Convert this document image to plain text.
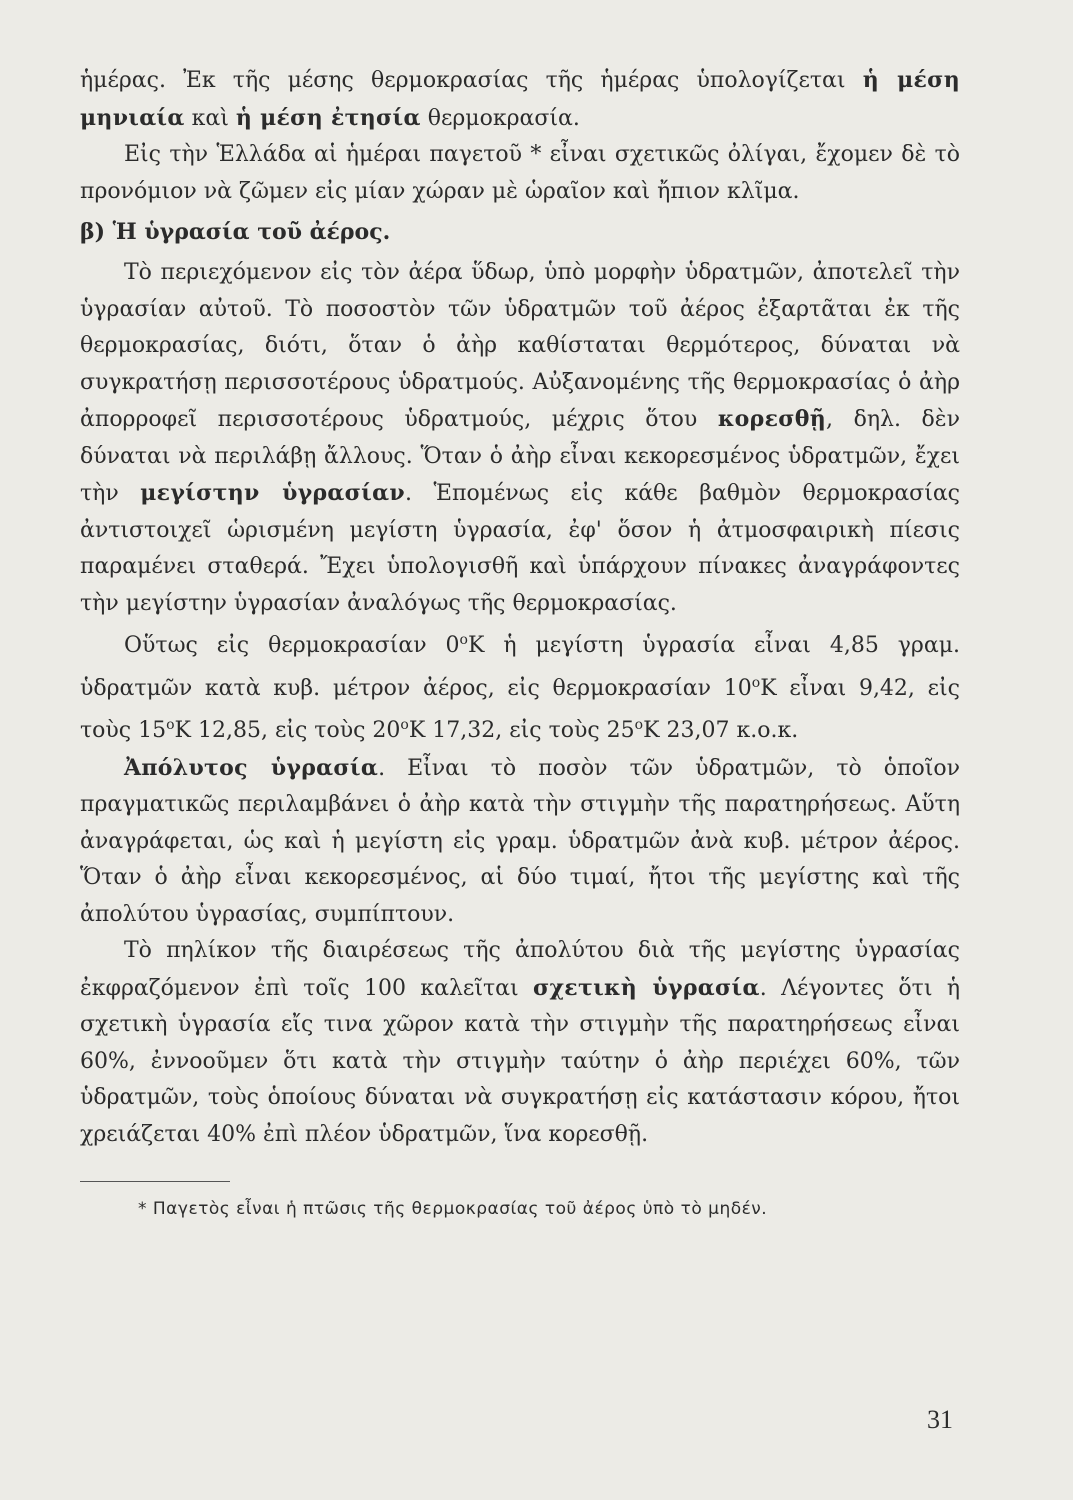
ἡμέρας. Ἐκ τῆς μέσης θερμοκρασίας τῆς ἡμέρας ὑπολογίζεται ἡ μέση μηνιαία καὶ ἡ μέση ἐτησία θερμοκρασία.

Εἰς τὴν Ἑλλάδα αἱ ἡμέραι παγετοῦ * εἶναι σχετικῶς ὀλίγαι, ἔχομεν δὲ τὸ προνόμιον νὰ ζῶμεν εἰς μίαν χώραν μὲ ὡραῖον καὶ ἤπιον κλῖμα.

β) Ἡ ὑγρασία τοῦ ἀέρος.

Τὸ περιεχόμενον εἰς τὸν ἀέρα ὕδωρ, ὑπὸ μορφὴν ὑδρατμῶν, ἀποτελεῖ τὴν ὑγρασίαν αὐτοῦ. Τὸ ποσοστὸν τῶν ὑδρατμῶν τοῦ ἀέρος ἐξαρτᾶται ἐκ τῆς θερμοκρασίας, διότι, ὅταν ὁ ἀὴρ καθίσταται θερμότερος, δύναται νὰ συγκρατήσῃ περισσοτέρους ὑδρατμούς. Αὐξανομένης τῆς θερμοκρασίας ὁ ἀὴρ ἀπορροφεῖ περισσοτέρους ὑδρατμούς, μέχρις ὅτου κορεσθῇ, δηλ. δὲν δύναται νὰ περιλάβῃ ἄλλους. Ὅταν ὁ ἀὴρ εἶναι κεκορεσμένος ὑδρατμῶν, ἔχει τὴν μεγίστην ὑγρασίαν. Ἑπομένως εἰς κάθε βαθμὸν θερμοκρασίας ἀντιστοιχεῖ ὡρισμένη μεγίστη ὑγρασία, ἐφ' ὅσον ἡ ἀτμοσφαιρικὴ πίεσις παραμένει σταθερά. Ἔχει ὑπολογισθῆ καὶ ὑπάρχουν πίνακες ἀναγράφοντες τὴν μεγίστην ὑγρασίαν ἀναλόγως τῆς θερμοκρασίας.

Οὕτως εἰς θερμοκρασίαν 0$^o$Κ ἡ μεγίστη ὑγρασία εἶναι 4,85 γραμ. ὑδρατμῶν κατὰ κυβ. μέτρον ἀέρος, εἰς θερμοκρασίαν 10$^o$Κ εἶναι 9,42, εἰς τοὺς 15$^o$Κ 12,85, εἰς τοὺς 20$^o$Κ 17,32, εἰς τοὺς 25$^o$Κ 23,07 κ.ο.κ.

Ἀπόλυτος ὑγρασία. Εἶναι τὸ ποσὸν τῶν ὑδρατμῶν, τὸ ὁποῖον πραγματικῶς περιλαμβάνει ὁ ἀὴρ κατὰ τὴν στιγμὴν τῆς παρατηρήσεως. Αὕτη ἀναγράφεται, ὡς καὶ ἡ μεγίστη εἰς γραμ. ὑδρατμῶν ἀνὰ κυβ. μέτρον ἀέρος. Ὅταν ὁ ἀὴρ εἶναι κεκορεσμένος, αἱ δύο τιμαί, ἤτοι τῆς μεγίστης καὶ τῆς ἀπολύτου ὑγρασίας, συμπίπτουν.

Τὸ πηλίκον τῆς διαιρέσεως τῆς ἀπολύτου διὰ τῆς μεγίστης ὑγρασίας ἐκφραζόμενον ἐπὶ τοῖς 100 καλεῖται σχετικὴ ὑγρασία. Λέγοντες ὅτι ἡ σχετικὴ ὑγρασία εἴς τινα χῶρον κατὰ τὴν στιγμὴν τῆς παρατηρήσεως εἶναι 60%, ἐννοοῦμεν ὅτι κατὰ τὴν στιγμὴν ταύτην ὁ ἀὴρ περιέχει 60%, τῶν ὑδρατμῶν, τοὺς ὁποίους δύναται νὰ συγκρατήσῃ εἰς κατάστασιν κόρου, ἤτοι χρειάζεται 40% ἐπὶ πλέον ὑδρατμῶν, ἵνα κορεσθῇ.

* Παγετὸς εἶναι ἡ πτῶσις τῆς θερμοκρασίας τοῦ ἀέρος ὑπὸ τὸ μηδέν.
31
